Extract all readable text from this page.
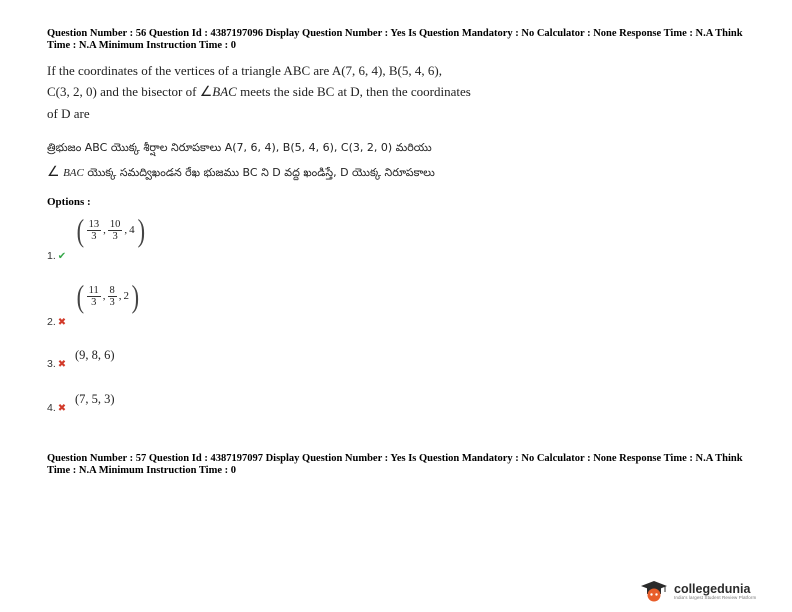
Question Number : 56 Question Id : 4387197096 Display Question Number : Yes Is Question Mandatory : No Calculator : None Response Time : N.A Think Time : N.A Minimum Instruction Time : 0
If the coordinates of the vertices of a triangle ABC are A(7, 6, 4), B(5, 4, 6),
C(3, 2, 0) and the bisector of ∠BAC meets the side BC at D, then the coordinates
of D are
త్రిభుజం ABC యొక్క శీర్షాల నిరూపకాలు A(7, 6, 4), B(5, 4, 6), C(3, 2, 0) మరియు
∠ BAC యొక్క సమద్విఖండన రేఖ భుజము BC ని D వద్ద ఖండిస్తే, D యొక్క నిరూపకాలు
Options :
1. ✔
( $\frac{13}{3}$ , $\frac{10}{3}$ , 4 )
2. ✖
( $\frac{11}{3}$ , $\frac{8}{3}$ , 2 )
3. ✖
(9, 8, 6)
4. ✖
(7, 5, 3)
Question Number : 57 Question Id : 4387197097 Display Question Number : Yes Is Question Mandatory : No Calculator : None Response Time : N.A Think Time : N.A Minimum Instruction Time : 0
collegedunia
India's largest Student Review Platform
